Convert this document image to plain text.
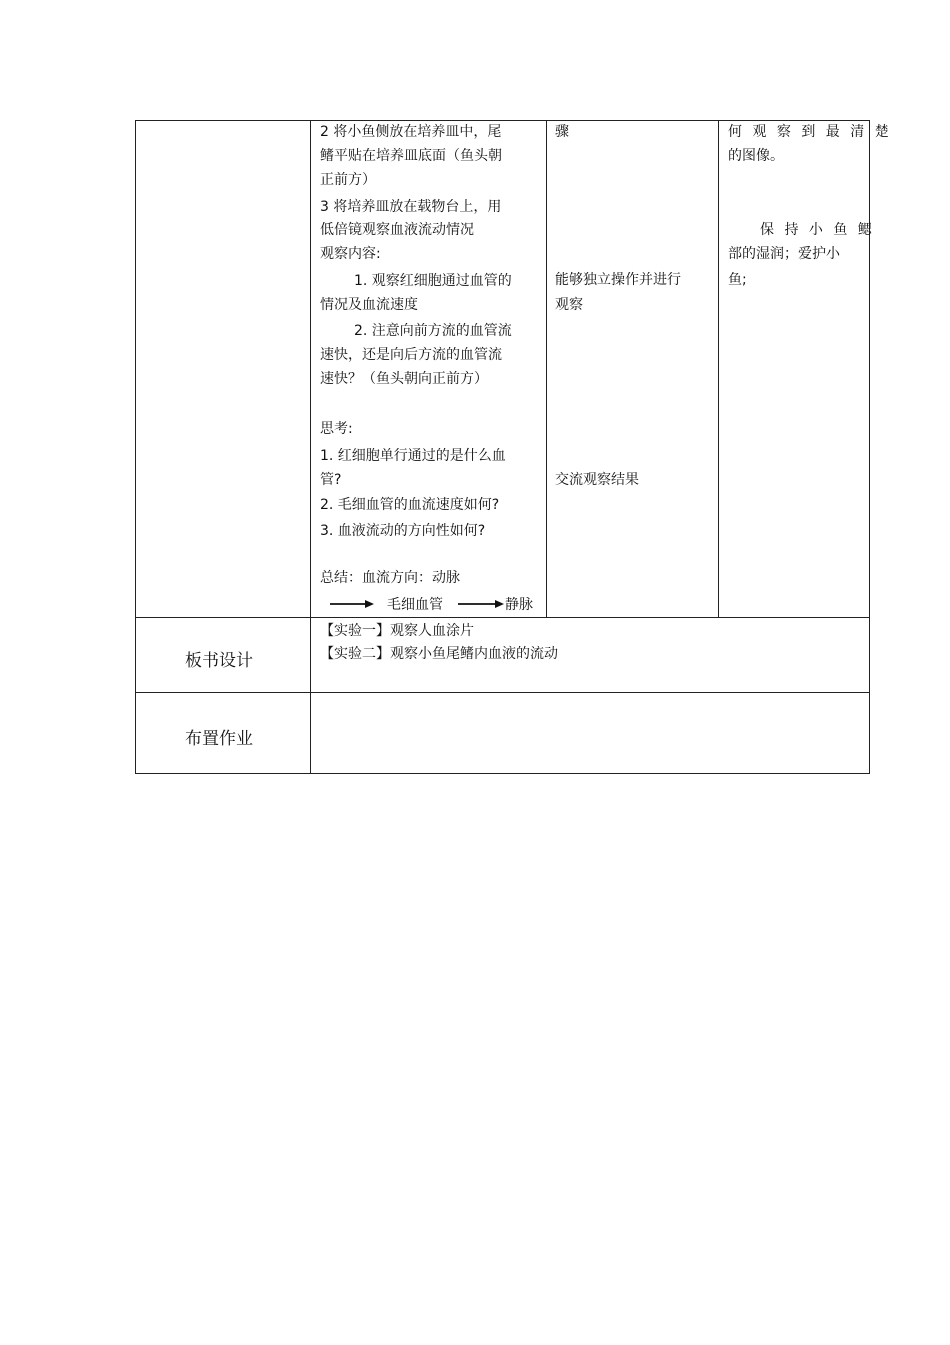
2 将小鱼侧放在培养皿中，尾
鳍平贴在培养皿底面（鱼头朝
正前方）
3 将培养皿放在载物台上，用
低倍镜观察血液流动情况
观察内容:
1. 观察红细胞通过血管的
情况及血流速度
2. 注意向前方流的血管流
速快，还是向后方流的血管流
速快？（鱼头朝向正前方）
思考:
1. 红细胞单行通过的是什么血
管?
2. 毛细血管的血流速度如何?
3. 血液流动的方向性如何?
总结：血流方向：动脉
毛细血管	静脉
骤
能够独立操作并进行
观察
交流观察结果
何 观 察 到 最 清 楚
的图像。
保 持 小 鱼 鳃
部的湿润；爱护小
鱼;
板书设计
【实验一】观察人血涂片
【实验二】观察小鱼尾鳍内血液的流动
布置作业
